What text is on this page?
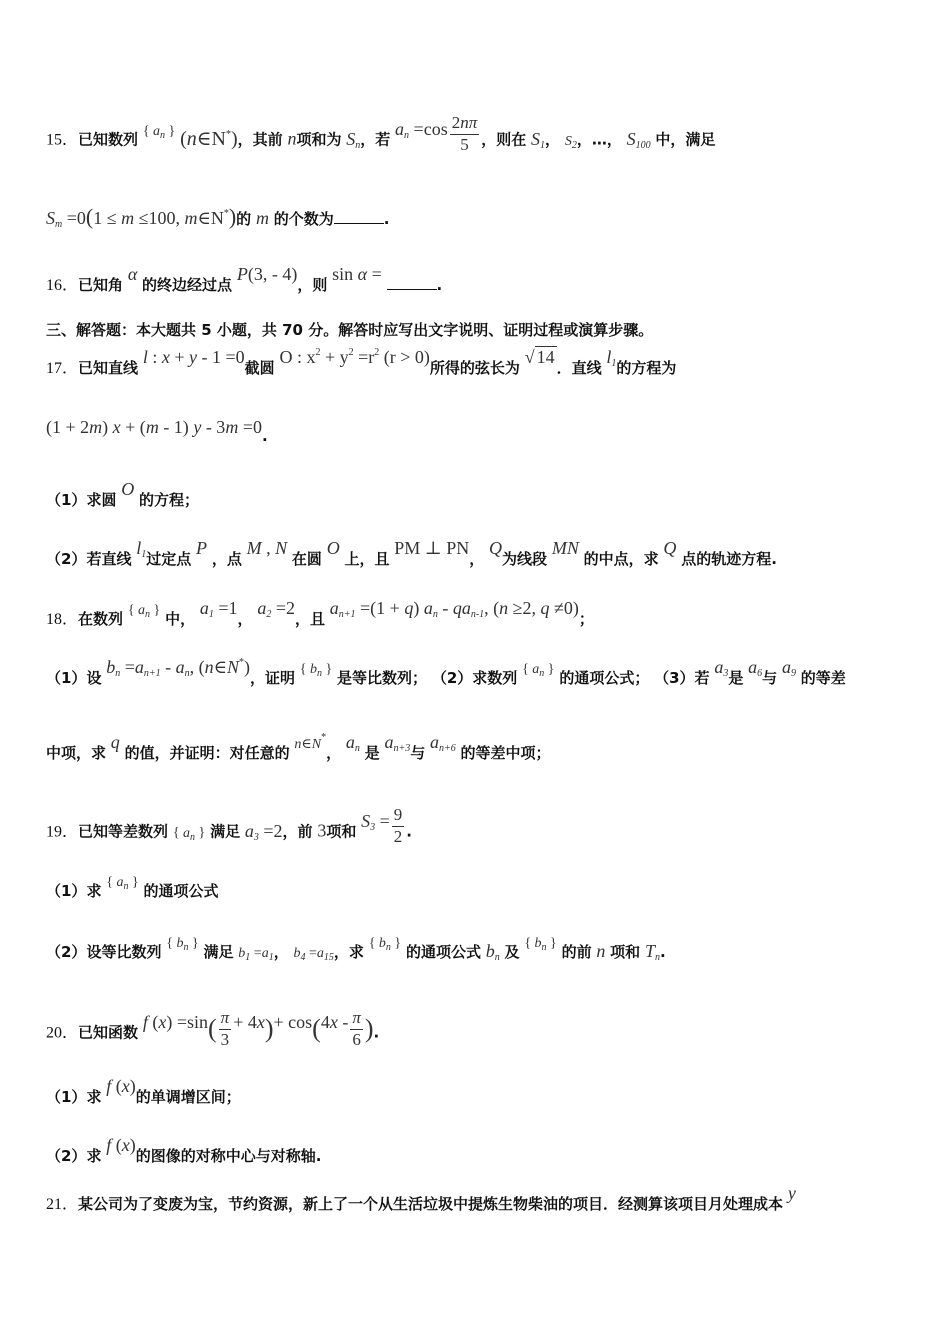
15．已知数列 { $a_n$ } (n∈N*)，其前 n项和为 $S_n$，若 $a_n =\cos \frac{2n\pi}{5}$ ，则在 $S_1$， $S_2$，…， $S_{100}$ 中，满足
$S_m =0(1 \le m \le 100$, m∈N*)的 m 的个数为	.
16．已知角 α 的终边经过点 P(3, - 4)，则 sin α = .
三、解答题：本大题共 5 小题，共 70 分。解答时应写出文字说明、证明过程或演算步骤。
17．已知直线 l : x + y - 1 =0截圆 O : $x^2 + y^2 =r^2$ (r > 0)所得的弦长为 √ 14．直线 $l_1$的方程为
(1 + 2m) x + (m - 1) y - 3m =0.
（1）求圆 O 的方程；
（2）若直线 $l_1$过定点 P ，点 M , N 在圆 O 上，且 PM ⊥ PN， Q为线段 MN 的中点，求 Q 点的轨迹方程.
18．在数列 { $a_n$ } 中， $a_1 =1$， $a_2 =2$，且 $a_{n+1} =(1 + q)$ $a_n - qa_{n-1}$, (n ≥2, q ≠0)；
（1）设 $b_n =a_{n+1} - a_n$, (n∈N*)，证明 { $b_n$ } 是等比数列； （2）求数列 { $a_n$ } 的通项公式； （3）若 $a_3$是 $a_6$与 $a_9$ 的等差
中项，求 q 的值，并证明：对任意的 n∈N*， $a_n$ 是 $a_{n+3}$与 $a_{n+6}$ 的等差中项；
19．已知等差数列 { $a_n$ } 满足 $a_3 =2$，前 3项和 $S_3 = \frac{9}{2}$ .
（1）求 { $a_n$ } 的通项公式
（2）设等比数列 { $b_n$ } 满足 $b_1 =a_1$， $b_4 =a_{15}$，求 { $b_n$ } 的通项公式 $b_n$ 及 { $b_n$ } 的前 n 项和 $T_n$.
20．已知函数 f $(x) =\sin( \frac{\pi}{3} + 4x)+ \cos(4x - \frac{\pi}{6}$ ).
（1）求 f (x)的单调增区间；
（2）求 f (x)的图像的对称中心与对称轴.
21．某公司为了变废为宝，节约资源，新上了一个从生活垃圾中提炼生物柴油的项目．经测算该项目月处理成本 y
